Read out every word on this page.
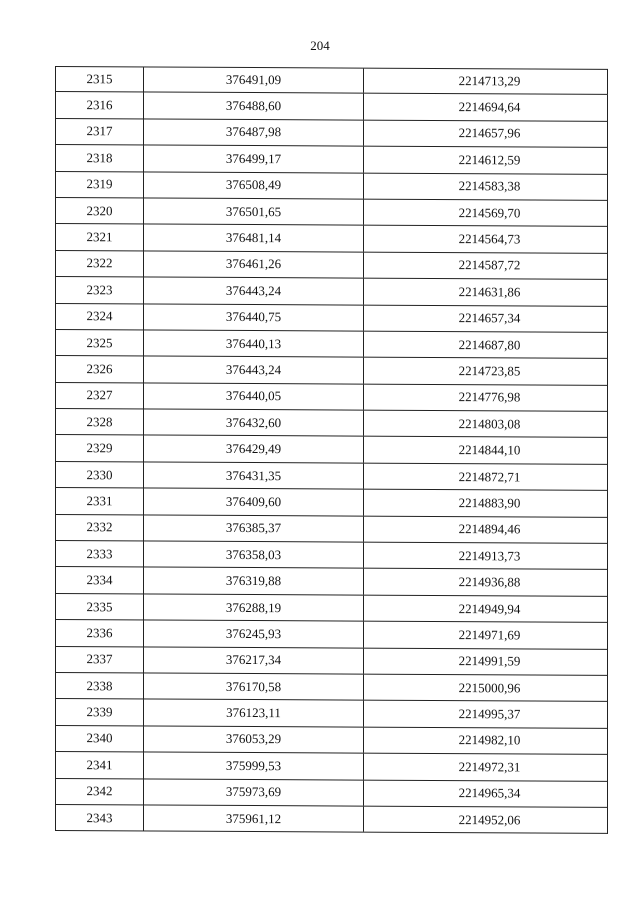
204
2315	376491,09	2214713,29
2316	376488,60	2214694,64
2317	376487,98	2214657,96
2318	376499,17	2214612,59
2319	376508,49	2214583,38
2320	376501,65	2214569,70
2321	376481,14	2214564,73
2322	376461,26	2214587,72
2323	376443,24	2214631,86
2324	376440,75	2214657,34
2325	376440,13	2214687,80
2326	376443,24	2214723,85
2327	376440,05	2214776,98
2328	376432,60	2214803,08
2329	376429,49	2214844,10
2330	376431,35	2214872,71
2331	376409,60	2214883,90
2332	376385,37	2214894,46
2333	376358,03	2214913,73
2334	376319,88	2214936,88
2335	376288,19	2214949,94
2336	376245,93	2214971,69
2337	376217,34	2214991,59
2338	376170,58	2215000,96
2339	376123,11	2214995,37
2340	376053,29	2214982,10
2341	375999,53	2214972,31
2342	375973,69	2214965,34
2343	375961,12	2214952,06
